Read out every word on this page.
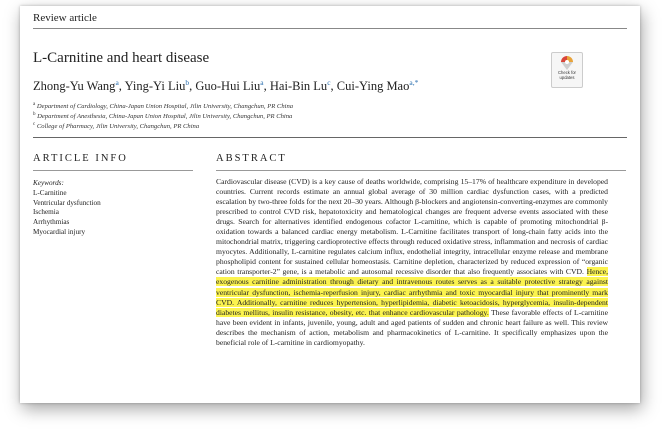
Review article
L-Carnitine and heart disease
Zhong-Yu Wang$^a$, Ying-Yi Liu$^b$, Guo-Hui Liu$^a$, Hai-Bin Lu$^c$, Cui-Ying Mao$^{a,*}$
$^a$ Department of Cardiology, China-Japan Union Hospital, Jilin University, Changchun, PR China
$^b$ Department of Anesthesia, China-Japan Union Hospital, Jilin University, Changchun, PR China
$^c$ College of Pharmacy, Jilin University, Changchun, PR China
Check for
updates
ARTICLE INFO	ABSTRACT
Keywords:
L-Carnitine
Ventricular dysfunction
Ischemia
Arrhythmias
Myocardial injury
Cardiovascular disease (CVD) is a key cause of deaths worldwide, comprising 15–17% of healthcare expenditure in developed countries. Current records estimate an annual global average of 30 million cardiac dysfunction cases, with a predicted escalation by two-three folds for the next 20–30 years. Although β-blockers and angiotensin-converting-enzymes are commonly prescribed to control CVD risk, hepatotoxicity and hematological changes are frequent adverse events associated with these drugs. Search for alternatives identified endogenous cofactor L-carnitine, which is capable of promoting mitochondrial β-oxidation towards a balanced cardiac energy metabolism. L-Carnitine facilitates transport of long-chain fatty acids into the mitochondrial matrix, triggering cardioprotective effects through reduced oxidative stress, inflammation and necrosis of cardiac myocytes. Additionally, L-carnitine regulates calcium influx, endothelial integrity, intracellular enzyme release and membrane phospholipid content for sustained cellular homeostasis. Carnitine depletion, characterized by reduced expression of “organic cation transporter-2” gene, is a metabolic and autosomal recessive disorder that also frequently associates with CVD. Hence, exogenous carnitine administration through dietary and intravenous routes serves as a suitable protective strategy against ventricular dysfunction, ischemia-reperfusion injury, cardiac arrhythmia and toxic myocardial injury that prominently mark CVD. Additionally, carnitine reduces hypertension, hyperlipidemia, diabetic ketoacidosis, hyperglycemia, insulin-dependent diabetes mellitus, insulin resistance, obesity, etc. that enhance cardiovascular pathology. These favorable effects of L-carnitine have been evident in infants, juvenile, young, adult and aged patients of sudden and chronic heart failure as well. This review describes the mechanism of action, metabolism and pharmacokinetics of L-carnitine. It specifically emphasizes upon the beneficial role of L-carnitine in cardiomyopathy.
